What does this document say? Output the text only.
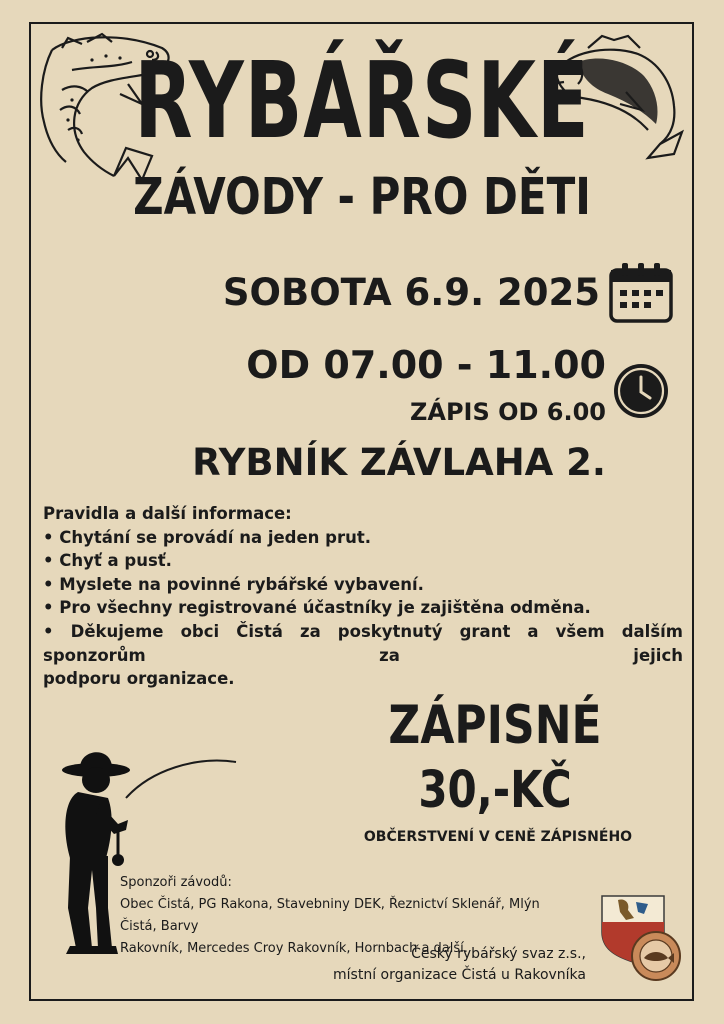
RYBÁŘSKÉ
ZÁVODY - PRO DĚTI
SOBOTA 6.9. 2025
OD 07.00 - 11.00
ZÁPIS OD 6.00
RYBNÍK ZÁVLAHA 2.
Pravidla a další informace:
• Chytání se provádí na jeden prut.
• Chyť a pusť.
• Myslete na povinné rybářské vybavení.
• Pro všechny registrované účastníky je zajištěna odměna.
• Děkujeme obci Čistá za poskytnutý grant a všem dalším sponzorům za jejich
podporu organizace.
ZÁPISNÉ
30,-KČ
OBČERSTVENÍ V CENĚ ZÁPISNÉHO
Sponzoři závodů:
Obec Čistá, PG Rakona, Stavebniny DEK, Řeznictví Sklenář, Mlýn Čistá, Barvy
Rakovník, Mercedes Croy Rakovník, Hornbach a další.
Český rybářský svaz z.s.,
místní organizace Čistá u Rakovníka
